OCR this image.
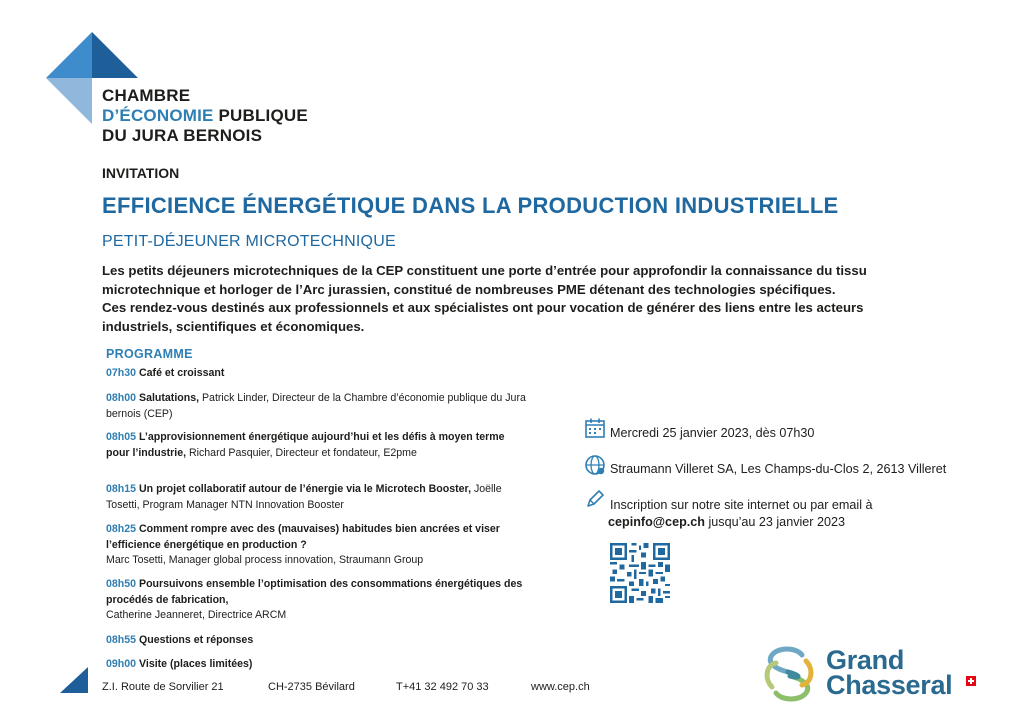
CHAMBRE
D’ÉCONOMIE PUBLIQUE
DU JURA BERNOIS
INVITATION
EFFICIENCE ÉNERGÉTIQUE DANS LA PRODUCTION INDUSTRIELLE
PETIT-DÉJEUNER MICROTECHNIQUE

Les petits déjeuners microtechniques de la CEP constituent une porte d’entrée pour approfondir la connaissance du tissu microtechnique et horloger de l’Arc jurassien, constitué de nombreuses PME détenant des technologies spécifiques.

Ces rendez-vous destinés aux professionnels et aux spécialistes ont pour vocation de générer des liens entre les acteurs industriels, scientifiques et économiques.

PROGRAMME
07h30 Café et croissant
08h00 Salutations, Patrick Linder, Directeur de la Chambre d’économie publique du Jura bernois (CEP)
08h05 L’approvisionnement énergétique aujourd’hui et les défis à moyen terme pour l’industrie, Richard Pasquier, Directeur et fondateur, E2pme
08h15 Un projet collaboratif autour de l’énergie via le Microtech Booster, Joëlle Tosetti, Program Manager NTN Innovation Booster
08h25 Comment rompre avec des (mauvaises) habitudes bien ancrées et viser l’efficience énergétique en production ?
Marc Tosetti, Manager global process innovation, Straumann Group
08h50 Poursuivons ensemble l’optimisation des consommations énergétiques des procédés de fabrication,
Catherine Jeanneret, Directrice ARCM
08h55 Questions et réponses
09h00 Visite (places limitées)
Mercredi 25 janvier 2023, dès 07h30
Straumann Villeret SA, Les Champs-du-Clos 2, 2613 Villeret
Inscription sur notre site internet ou par email à
cepinfo@cep.ch jusqu’au 23 janvier 2023
Z.I. Route de Sorvilier 21	CH-2735 Bévilard	T+41 32 492 70 33	www.cep.ch
Grand
Chasseral
